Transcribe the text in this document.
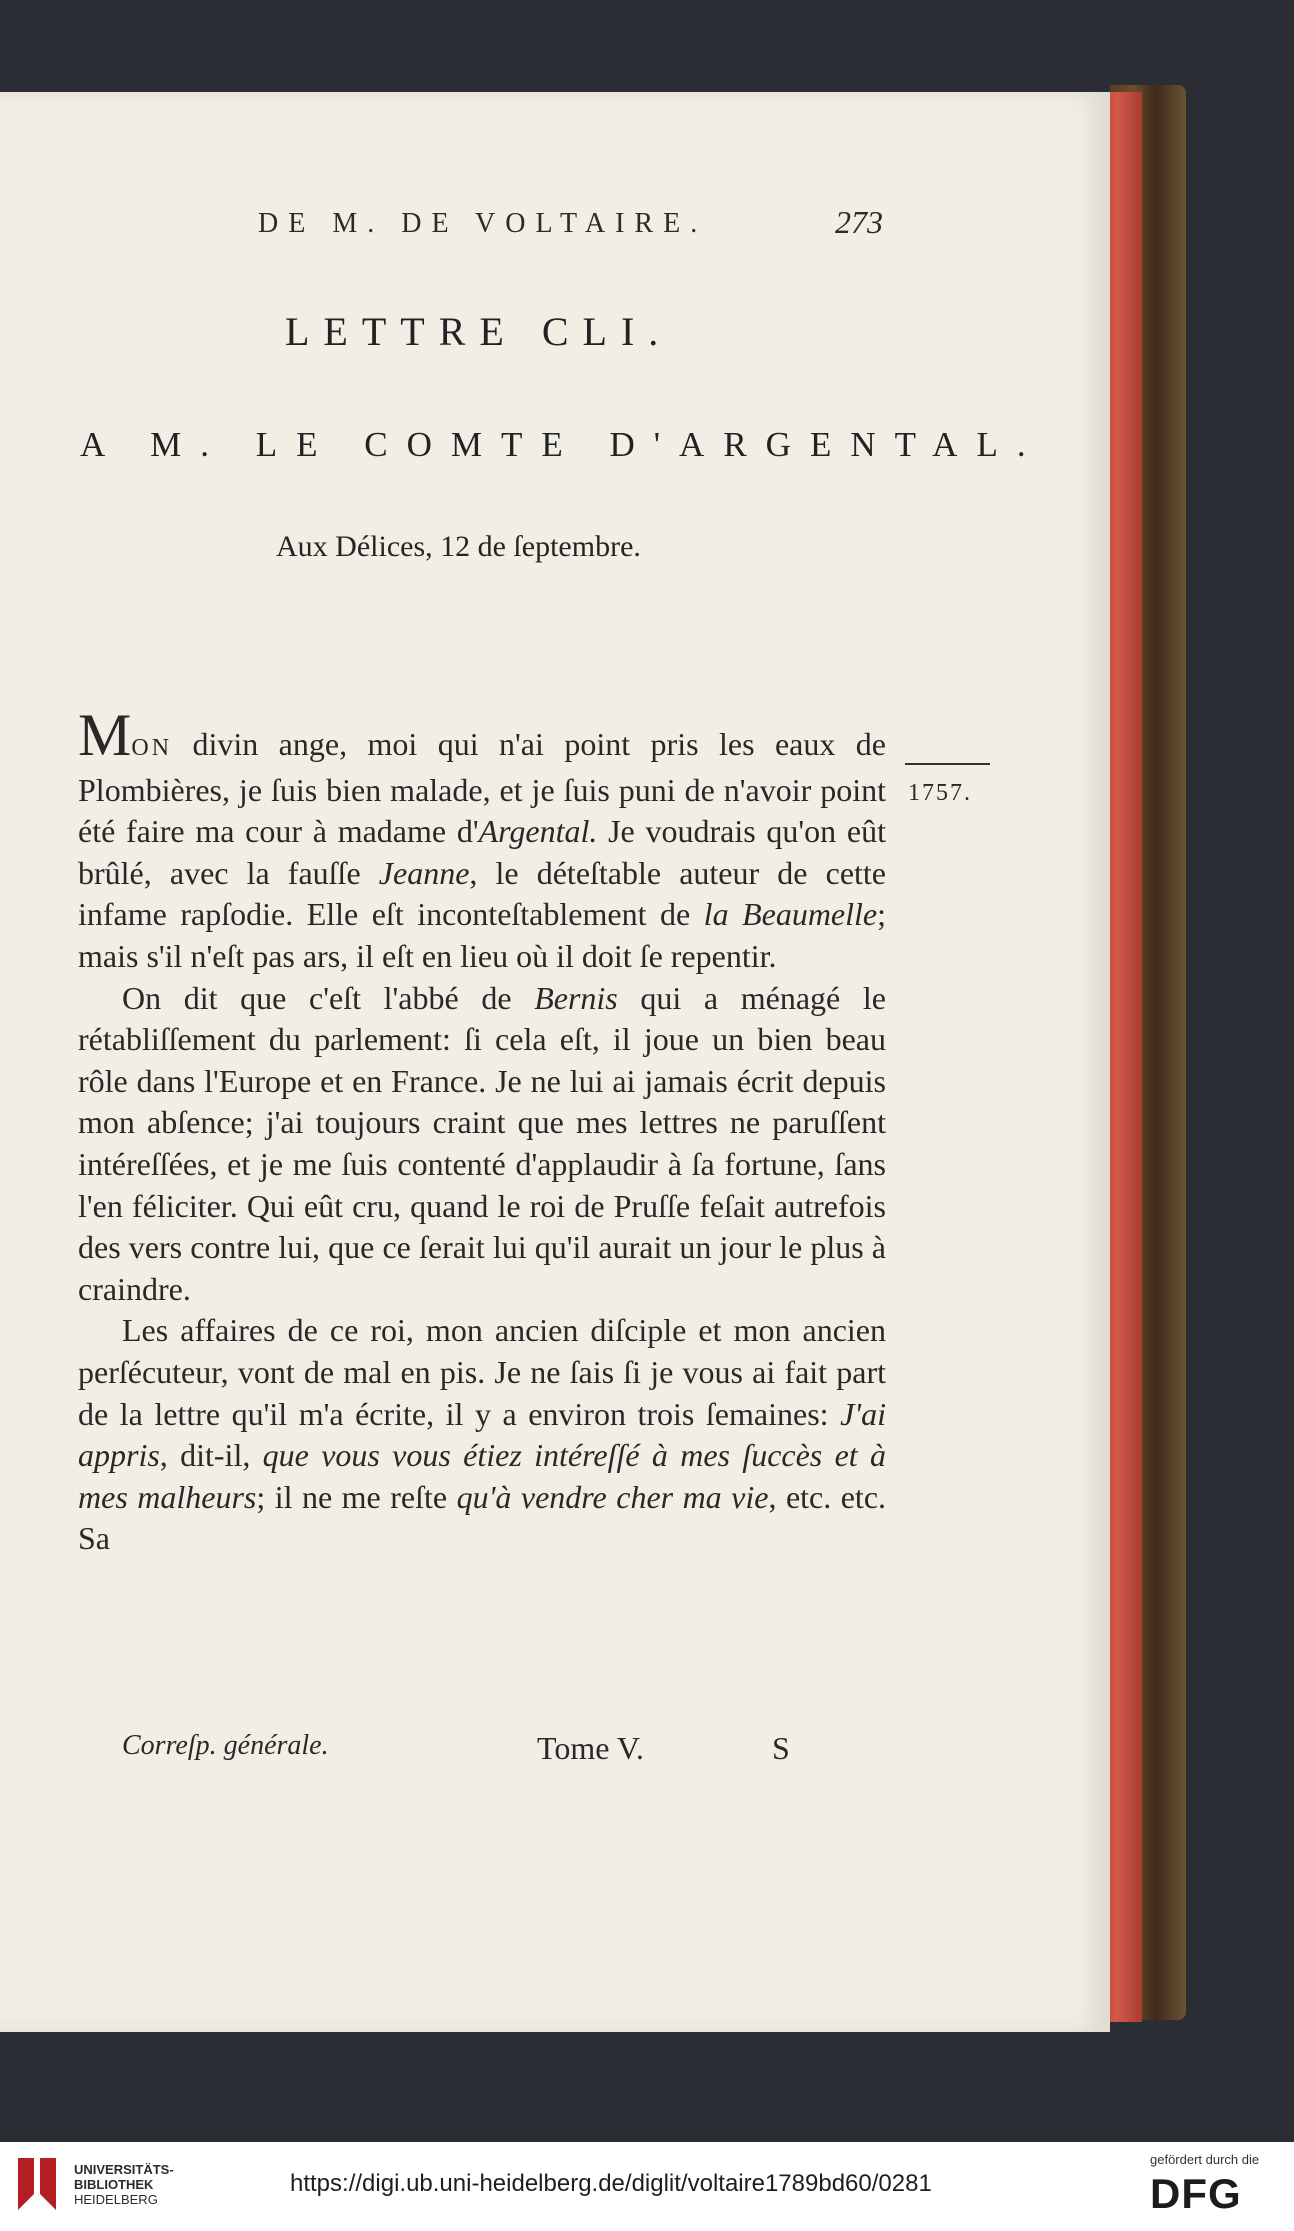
DE M. DE VOLTAIRE.	273
LETTRE CLI.
A M. LE COMTE D'ARGENTAL.
Aux Délices, 12 de ſeptembre.
1757.

MON divin ange, moi qui n'ai point pris les eaux de Plombières, je ſuis bien malade, et je ſuis puni de n'avoir point été faire ma cour à madame d'Argental. Je voudrais qu'on eût brûlé, avec la fauſſe Jeanne, le déteſtable auteur de cette infame rapſodie. Elle eſt inconteſtablement de la Beaumelle; mais s'il n'eſt pas ars, il eſt en lieu où il doit ſe repentir.

On dit que c'eſt l'abbé de Bernis qui a ménagé le rétabliſſement du parlement: ſi cela eſt, il joue un bien beau rôle dans l'Europe et en France. Je ne lui ai jamais écrit depuis mon abſence; j'ai toujours craint que mes lettres ne paruſſent intéreſſées, et je me ſuis contenté d'applaudir à ſa fortune, ſans l'en féliciter. Qui eût cru, quand le roi de Pruſſe feſait autrefois des vers contre lui, que ce ſerait lui qu'il aurait un jour le plus à craindre.

Les affaires de ce roi, mon ancien diſciple et mon ancien perſécuteur, vont de mal en pis. Je ne ſais ſi je vous ai fait part de la lettre qu'il m'a écrite, il y a environ trois ſemaines: J'ai appris, dit-il, que vous vous étiez intéreſſé à mes ſuccès et à mes malheurs; il ne me reſte qu'à vendre cher ma vie, etc. etc. Sa

Correſp. générale.	Tome V.	S
UNIVERSITÄTS-
BIBLIOTHEK
HEIDELBERG
https://digi.ub.uni-heidelberg.de/diglit/voltaire1789bd60/0281
gefördert durch die
DFG
